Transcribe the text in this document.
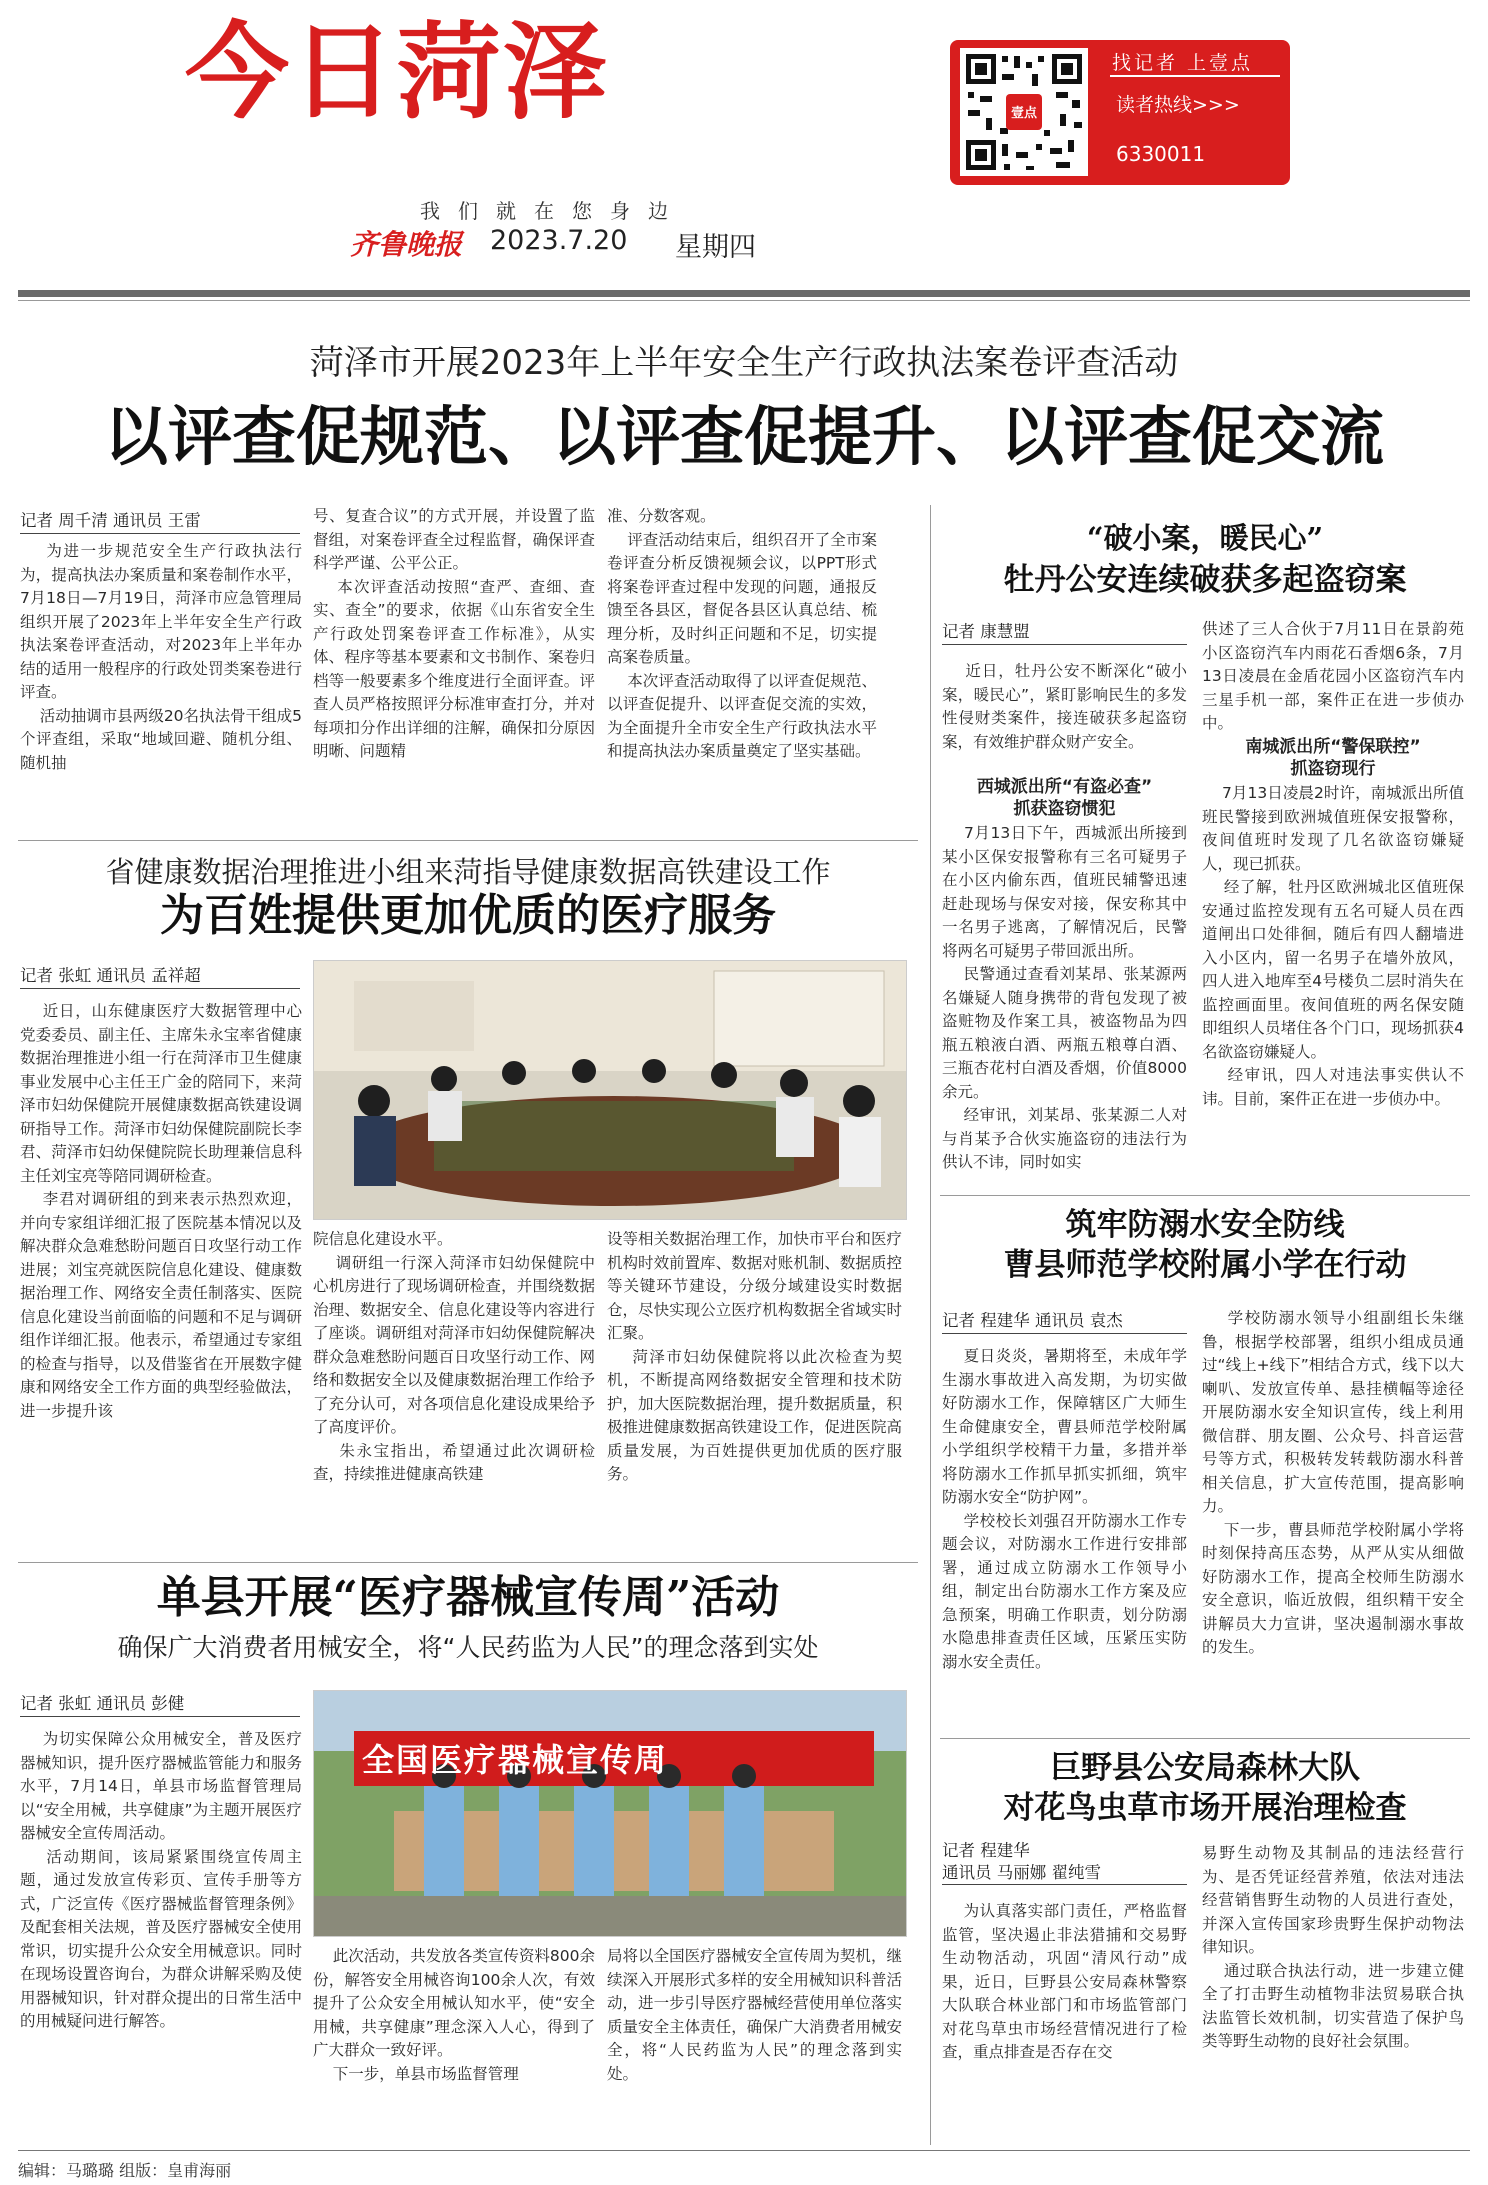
今日菏泽
我们就在您身边
齐鲁晚报 2023.7.20 星期四
壹点
找记者 上壹点
读者热线>>>
6330011
菏泽市开展2023年上半年安全生产行政执法案卷评查活动
以评查促规范、以评查促提升、以评查促交流
记者 周千清 通讯员 王雷
为进一步规范安全生产行政执法行为，提高执法办案质量和案卷制作水平，7月18日—7月19日，菏泽市应急管理局组织开展了2023年上半年安全生产行政执法案卷评查活动，对2023年上半年办结的适用一般程序的行政处罚类案卷进行评查。
活动抽调市县两级20名执法骨干组成5个评查组，采取“地域回避、随机分组、随机抽
号、复查合议”的方式开展，并设置了监督组，对案卷评查全过程监督，确保评查科学严谨、公平公正。
本次评查活动按照“查严、查细、查实、查全”的要求，依据《山东省安全生产行政处罚案卷评查工作标准》，从实体、程序等基本要素和文书制作、案卷归档等一般要素多个维度进行全面评查。评查人员严格按照评分标准审查打分，并对每项扣分作出详细的注解，确保扣分原因明晰、问题精
准、分数客观。
评查活动结束后，组织召开了全市案卷评查分析反馈视频会议，以PPT形式将案卷评查过程中发现的问题，通报反馈至各县区，督促各县区认真总结、梳理分析，及时纠正问题和不足，切实提高案卷质量。
本次评查活动取得了以评查促规范、以评查促提升、以评查促交流的实效，为全面提升全市安全生产行政执法水平和提高执法办案质量奠定了坚实基础。
省健康数据治理推进小组来菏指导健康数据高铁建设工作
为百姓提供更加优质的医疗服务
记者 张虹 通讯员 孟祥超
近日，山东健康医疗大数据管理中心党委委员、副主任、主席朱永宝率省健康数据治理推进小组一行在菏泽市卫生健康事业发展中心主任王广金的陪同下，来菏泽市妇幼保健院开展健康数据高铁建设调研指导工作。菏泽市妇幼保健院副院长李君、菏泽市妇幼保健院院长助理兼信息科主任刘宝亮等陪同调研检查。
李君对调研组的到来表示热烈欢迎，并向专家组详细汇报了医院基本情况以及解决群众急难愁盼问题百日攻坚行动工作进展；刘宝亮就医院信息化建设、健康数据治理工作、网络安全责任制落实、医院信息化建设当前面临的问题和不足与调研组作详细汇报。他表示，希望通过专家组的检查与指导，以及借鉴省在开展数字健康和网络安全工作方面的典型经验做法，进一步提升该
院信息化建设水平。
调研组一行深入菏泽市妇幼保健院中心机房进行了现场调研检查，并围绕数据治理、数据安全、信息化建设等内容进行了座谈。调研组对菏泽市妇幼保健院解决群众急难愁盼问题百日攻坚行动工作、网络和数据安全以及健康数据治理工作给予了充分认可，对各项信息化建设成果给予了高度评价。
朱永宝指出，希望通过此次调研检查，持续推进健康高铁建
设等相关数据治理工作，加快市平台和医疗机构时效前置库、数据对账机制、数据质控等关键环节建设，分级分域建设实时数据仓，尽快实现公立医疗机构数据全省域实时汇聚。
菏泽市妇幼保健院将以此次检查为契机，不断提高网络数据安全管理和技术防护，加大医院数据治理，提升数据质量，积极推进健康数据高铁建设工作，促进医院高质量发展，为百姓提供更加优质的医疗服务。
单县开展“医疗器械宣传周”活动
确保广大消费者用械安全，将“人民药监为人民”的理念落到实处
记者 张虹 通讯员 彭健
为切实保障公众用械安全，普及医疗器械知识，提升医疗器械监管能力和服务水平，7月14日，单县市场监督管理局以“安全用械，共享健康”为主题开展医疗器械安全宣传周活动。
活动期间，该局紧紧围绕宣传周主题，通过发放宣传彩页、宣传手册等方式，广泛宣传《医疗器械监督管理条例》及配套相关法规，普及医疗器械安全使用常识，切实提升公众安全用械意识。同时在现场设置咨询台，为群众讲解采购及使用器械知识，针对群众提出的日常生活中的用械疑问进行解答。
全国医疗器械宣传周
此次活动，共发放各类宣传资料800余份，解答安全用械咨询100余人次，有效提升了公众安全用械认知水平，使“安全用械，共享健康”理念深入人心，得到了广大群众一致好评。
下一步，单县市场监督管理
局将以全国医疗器械安全宣传周为契机，继续深入开展形式多样的安全用械知识科普活动，进一步引导医疗器械经营使用单位落实质量安全主体责任，确保广大消费者用械安全，将“人民药监为人民”的理念落到实处。
“破小案，暖民心”
牡丹公安连续破获多起盗窃案
记者 康慧盟
近日，牡丹公安不断深化“破小案，暖民心”，紧盯影响民生的多发性侵财类案件，接连破获多起盗窃案，有效维护群众财产安全。
西城派出所“有盗必查”
抓获盗窃惯犯
7月13日下午，西城派出所接到某小区保安报警称有三名可疑男子在小区内偷东西，值班民辅警迅速赶赴现场与保安对接，保安称其中一名男子逃离，了解情况后，民警将两名可疑男子带回派出所。
民警通过查看刘某昂、张某源两名嫌疑人随身携带的背包发现了被盗赃物及作案工具，被盗物品为四瓶五粮液白酒、两瓶五粮尊白酒、三瓶杏花村白酒及香烟，价值8000余元。
经审讯，刘某昂、张某源二人对与肖某予合伙实施盗窃的违法行为供认不讳，同时如实
供述了三人合伙于7月11日在景韵苑小区盗窃汽车内雨花石香烟6条，7月13日凌晨在金盾花园小区盗窃汽车内三星手机一部，案件正在进一步侦办中。
南城派出所“警保联控”
抓盗窃现行
7月13日凌晨2时许，南城派出所值班民警接到欧洲城值班保安报警称，夜间值班时发现了几名欲盗窃嫌疑人，现已抓获。
经了解，牡丹区欧洲城北区值班保安通过监控发现有五名可疑人员在西道闸出口处徘徊，随后有四人翻墙进入小区内，留一名男子在墙外放风，四人进入地库至4号楼负二层时消失在监控画面里。夜间值班的两名保安随即组织人员堵住各个门口，现场抓获4名欲盗窃嫌疑人。
经审讯，四人对违法事实供认不讳。目前，案件正在进一步侦办中。
筑牢防溺水安全防线
曹县师范学校附属小学在行动
记者 程建华 通讯员 袁杰
夏日炎炎，暑期将至，未成年学生溺水事故进入高发期，为切实做好防溺水工作，保障辖区广大师生生命健康安全，曹县师范学校附属小学组织学校精干力量，多措并举将防溺水工作抓早抓实抓细，筑牢防溺水安全“防护网”。
学校校长刘强召开防溺水工作专题会议，对防溺水工作进行安排部署，通过成立防溺水工作领导小组，制定出台防溺水工作方案及应急预案，明确工作职责，划分防溺水隐患排查责任区域，压紧压实防溺水安全责任。
学校防溺水领导小组副组长朱继鲁，根据学校部署，组织小组成员通过“线上+线下”相结合方式，线下以大喇叭、发放宣传单、悬挂横幅等途径开展防溺水安全知识宣传，线上利用微信群、朋友圈、公众号、抖音运营号等方式，积极转发转载防溺水科普相关信息，扩大宣传范围，提高影响力。
下一步，曹县师范学校附属小学将时刻保持高压态势，从严从实从细做好防溺水工作，提高全校师生防溺水安全意识，临近放假，组织精干安全讲解员大力宣讲，坚决遏制溺水事故的发生。
巨野县公安局森林大队
对花鸟虫草市场开展治理检查
记者 程建华
通讯员 马丽娜 翟纯雪
为认真落实部门责任，严格监督监管，坚决遏止非法猎捕和交易野生动物活动，巩固“清风行动”成果，近日，巨野县公安局森林警察大队联合林业部门和市场监管部门对花鸟草虫市场经营情况进行了检查，重点排查是否存在交
易野生动物及其制品的违法经营行为、是否凭证经营养殖，依法对违法经营销售野生动物的人员进行查处，并深入宣传国家珍贵野生保护动物法律知识。
通过联合执法行动，进一步建立健全了打击野生动植物非法贸易联合执法监管长效机制，切实营造了保护鸟类等野生动物的良好社会氛围。
编辑：马璐璐 组版：皇甫海丽
